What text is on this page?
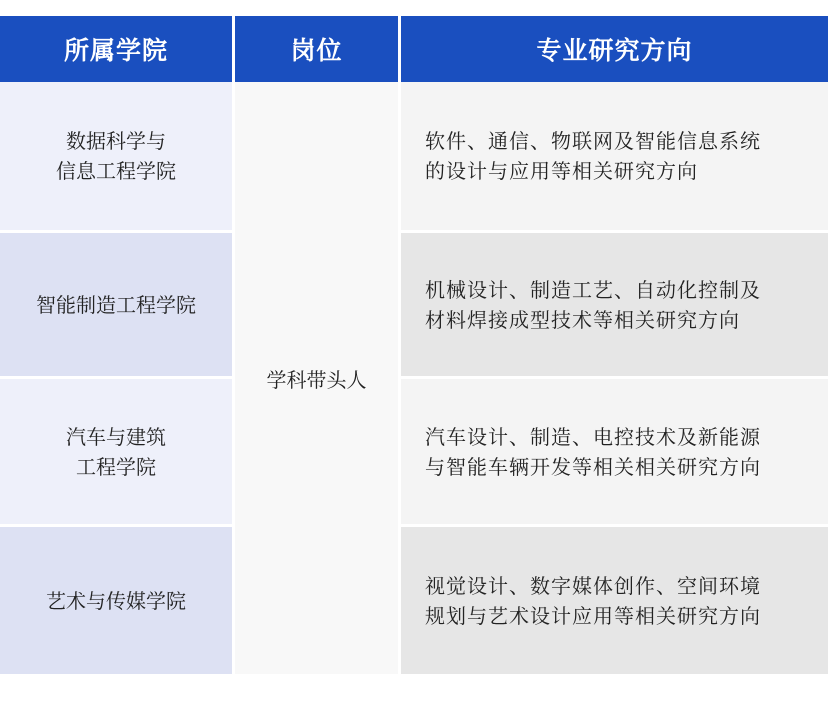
所属学院	岗位	专业研究方向
数据科学与
信息工程学院
软件、通信、物联网及智能信息系统
的设计与应用等相关研究方向
智能制造工程学院
机械设计、制造工艺、自动化控制及
材料焊接成型技术等相关研究方向
汽车与建筑
工程学院
汽车设计、制造、电控技术及新能源
与智能车辆开发等相关相关研究方向
艺术与传媒学院
视觉设计、数字媒体创作、空间环境
规划与艺术设计应用等相关研究方向
学科带头人
